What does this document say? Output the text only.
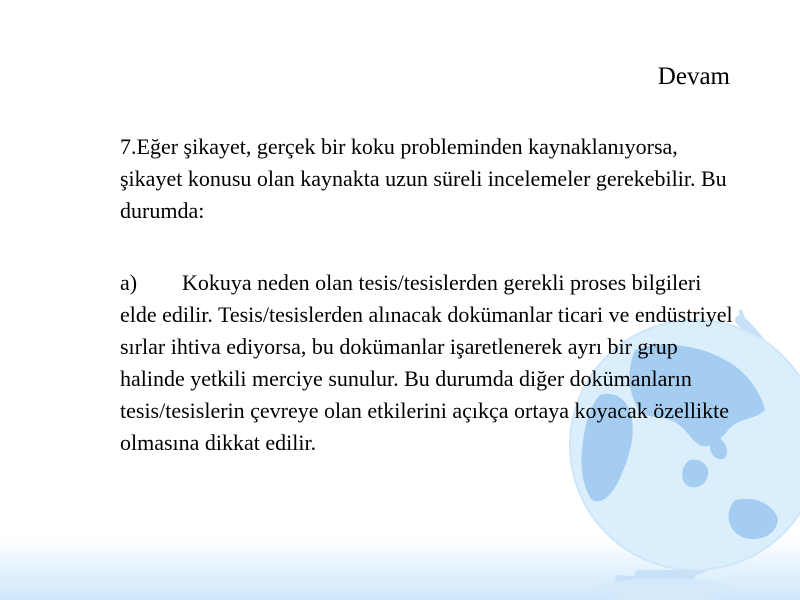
Devam

7.Eğer şikayet, gerçek bir koku probleminden kaynaklanıyorsa, şikayet konusu olan kaynakta uzun süreli incelemeler gerekebilir. Bu durumda:

a) Kokuya neden olan tesis/tesislerden gerekli proses bilgileri elde edilir. Tesis/tesislerden alınacak dokümanlar ticari ve endüstriyel sırlar ihtiva ediyorsa, bu dokümanlar işaretlenerek ayrı bir grup halinde yetkili merciye sunulur. Bu durumda diğer dokümanların tesis/tesislerin çevreye olan etkilerini açıkça ortaya koyacak özellikte olmasına dikkat edilir.
